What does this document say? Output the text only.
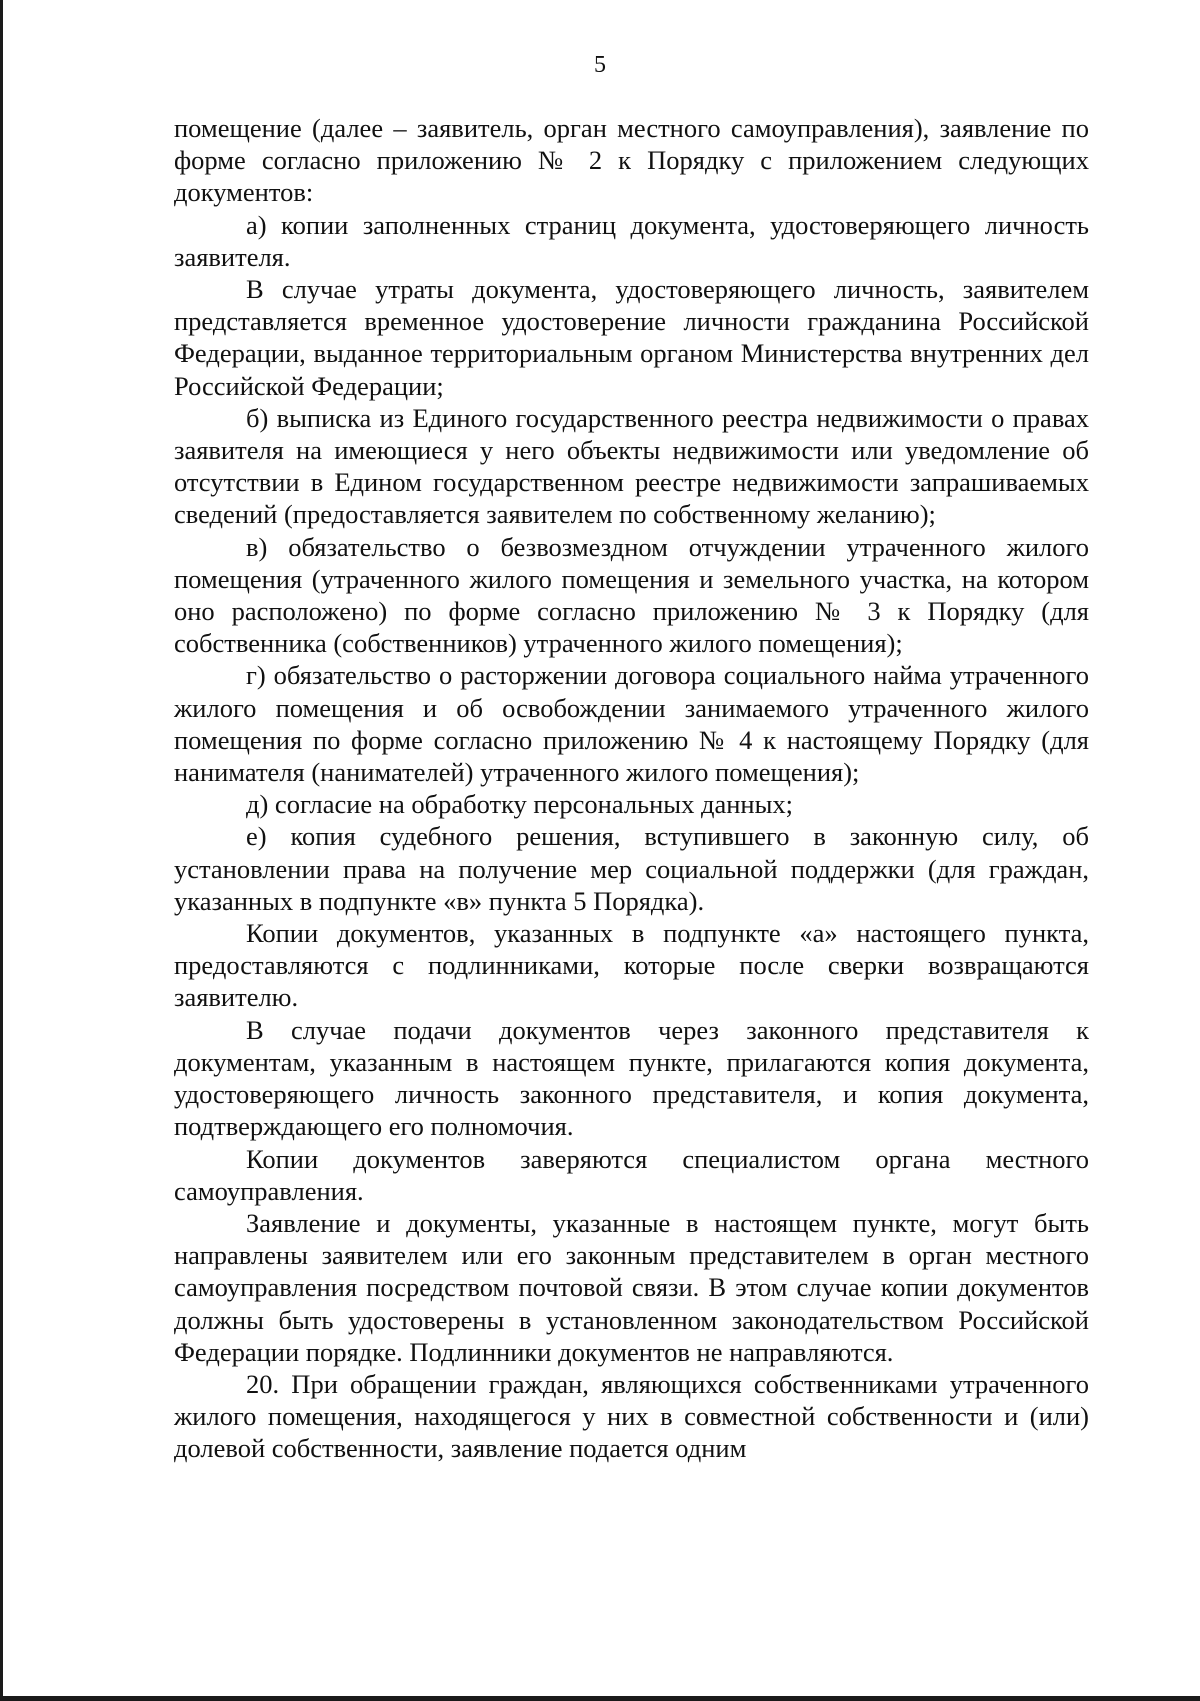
5

помещение (далее – заявитель, орган местного самоуправления), заявление по форме согласно приложению № 2 к Порядку с приложением следующих документов:

а) копии заполненных страниц документа, удостоверяющего личность заявителя.

В случае утраты документа, удостоверяющего личность, заявителем представляется временное удостоверение личности гражданина Российской Федерации, выданное территориальным органом Министерства внутренних дел Российской Федерации;

б) выписка из Единого государственного реестра недвижимости о правах заявителя на имеющиеся у него объекты недвижимости или уведомление об отсутствии в Едином государственном реестре недвижимости запрашиваемых сведений (предоставляется заявителем по собственному желанию);

в) обязательство о безвозмездном отчуждении утраченного жилого помещения (утраченного жилого помещения и земельного участка, на котором оно расположено) по форме согласно приложению № 3 к Порядку (для собственника (собственников) утраченного жилого помещения);

г) обязательство о расторжении договора социального найма утраченного жилого помещения и об освобождении занимаемого утраченного жилого помещения по форме согласно приложению № 4 к настоящему Порядку (для нанимателя (нанимателей) утраченного жилого помещения);

д) согласие на обработку персональных данных;

е) копия судебного решения, вступившего в законную силу, об установлении права на получение мер социальной поддержки (для граждан, указанных в подпункте «в» пункта 5 Порядка).

Копии документов, указанных в подпункте «а» настоящего пункта, предоставляются с подлинниками, которые после сверки возвращаются заявителю.

В случае подачи документов через законного представителя к документам, указанным в настоящем пункте, прилагаются копия документа, удостоверяющего личность законного представителя, и копия документа, подтверждающего его полномочия.

Копии документов заверяются специалистом органа местного самоуправления.

Заявление и документы, указанные в настоящем пункте, могут быть направлены заявителем или его законным представителем в орган местного самоуправления посредством почтовой связи. В этом случае копии документов должны быть удостоверены в установленном законодательством Российской Федерации порядке. Подлинники документов не направляются.

20. При обращении граждан, являющихся собственниками утраченного жилого помещения, находящегося у них в совместной собственности и (или) долевой собственности, заявление подается одним
